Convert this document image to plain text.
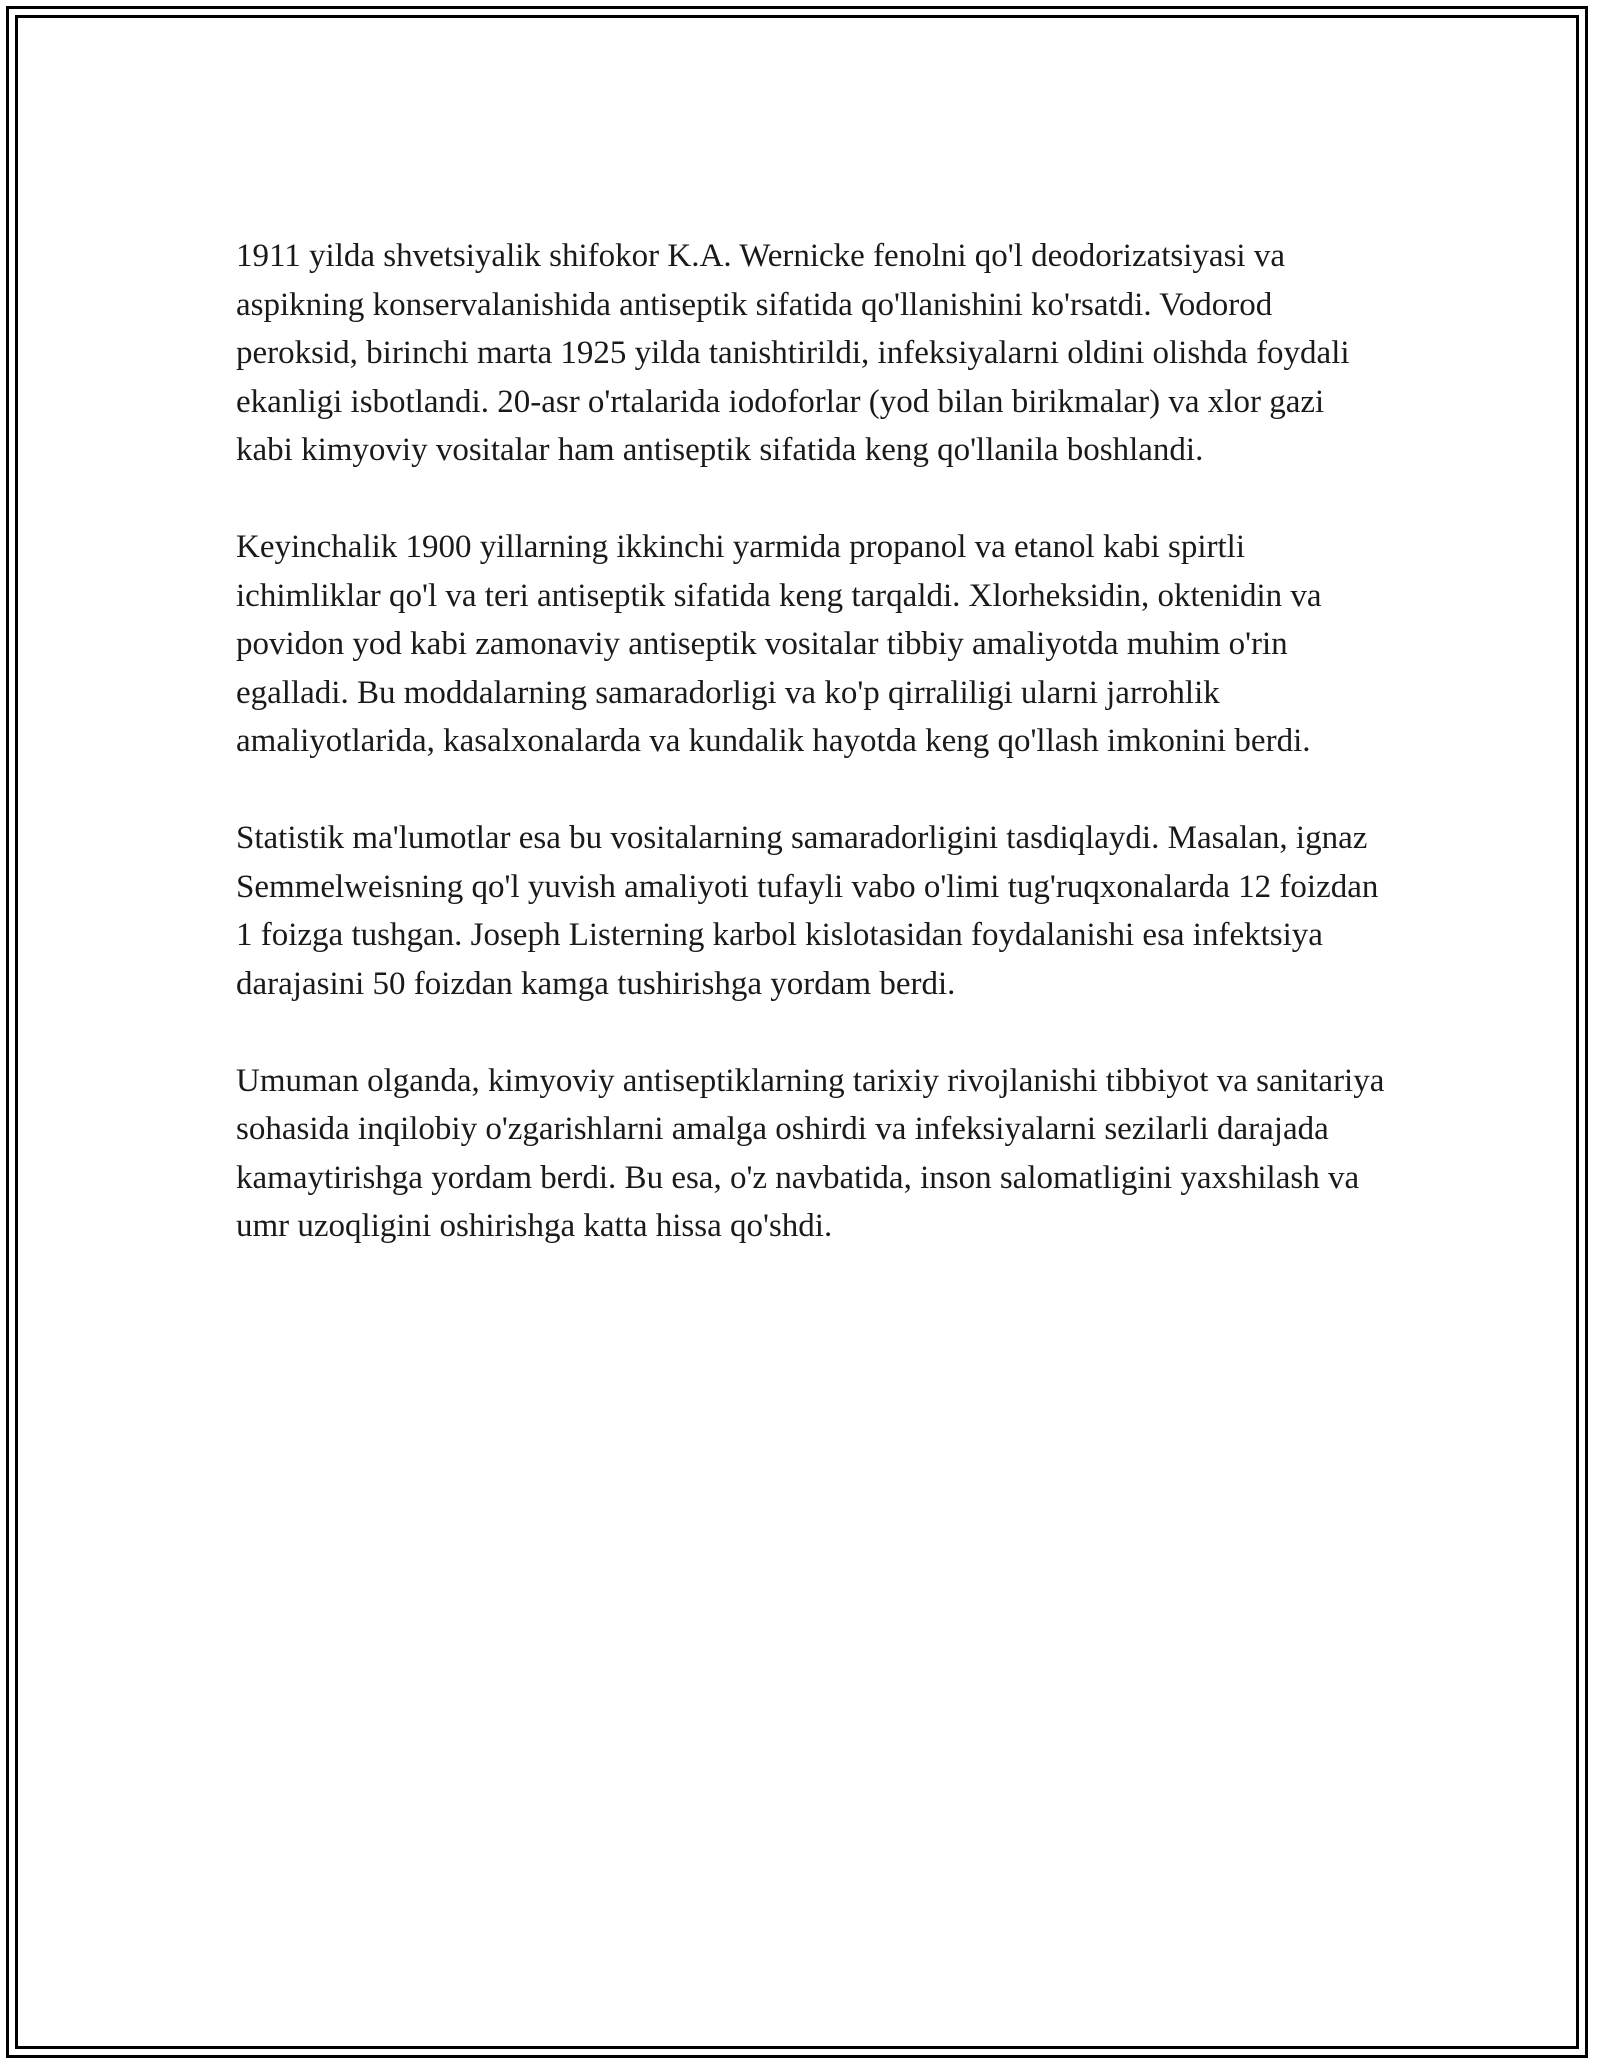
1911 yilda shvetsiyalik shifokor K.A. Wernicke fenolni qo'l deodorizatsiyasi va aspikning konservalanishida antiseptik sifatida qo'llanishini ko'rsatdi. Vodorod peroksid, birinchi marta 1925 yilda tanishtirildi, infeksiyalarni oldini olishda foydali ekanligi isbotlandi. 20-asr o'rtalarida iodoforlar (yod bilan birikmalar) va xlor gazi kabi kimyoviy vositalar ham antiseptik sifatida keng qo'llanila boshlandi.

Keyinchalik 1900 yillarning ikkinchi yarmida propanol va etanol kabi spirtli ichimliklar qo'l va teri antiseptik sifatida keng tarqaldi. Xlorheksidin, oktenidin va povidon yod kabi zamonaviy antiseptik vositalar tibbiy amaliyotda muhim o'rin egalladi. Bu moddalarning samaradorligi va ko'p qirraliligi ularni jarrohlik amaliyotlarida, kasalxonalarda va kundalik hayotda keng qo'llash imkonini berdi.

Statistik ma'lumotlar esa bu vositalarning samaradorligini tasdiqlaydi. Masalan, ignaz Semmelweisning qo'l yuvish amaliyoti tufayli vabo o'limi tug'ruqxonalarda 12 foizdan 1 foizga tushgan. Joseph Listerning karbol kislotasidan foydalanishi esa infektsiya darajasini 50 foizdan kamga tushirishga yordam berdi.

Umuman olganda, kimyoviy antiseptiklarning tarixiy rivojlanishi tibbiyot va sanitariya sohasida inqilobiy o'zgarishlarni amalga oshirdi va infeksiyalarni sezilarli darajada kamaytirishga yordam berdi. Bu esa, o'z navbatida, inson salomatligini yaxshilash va umr uzoqligini oshirishga katta hissa qo'shdi.
